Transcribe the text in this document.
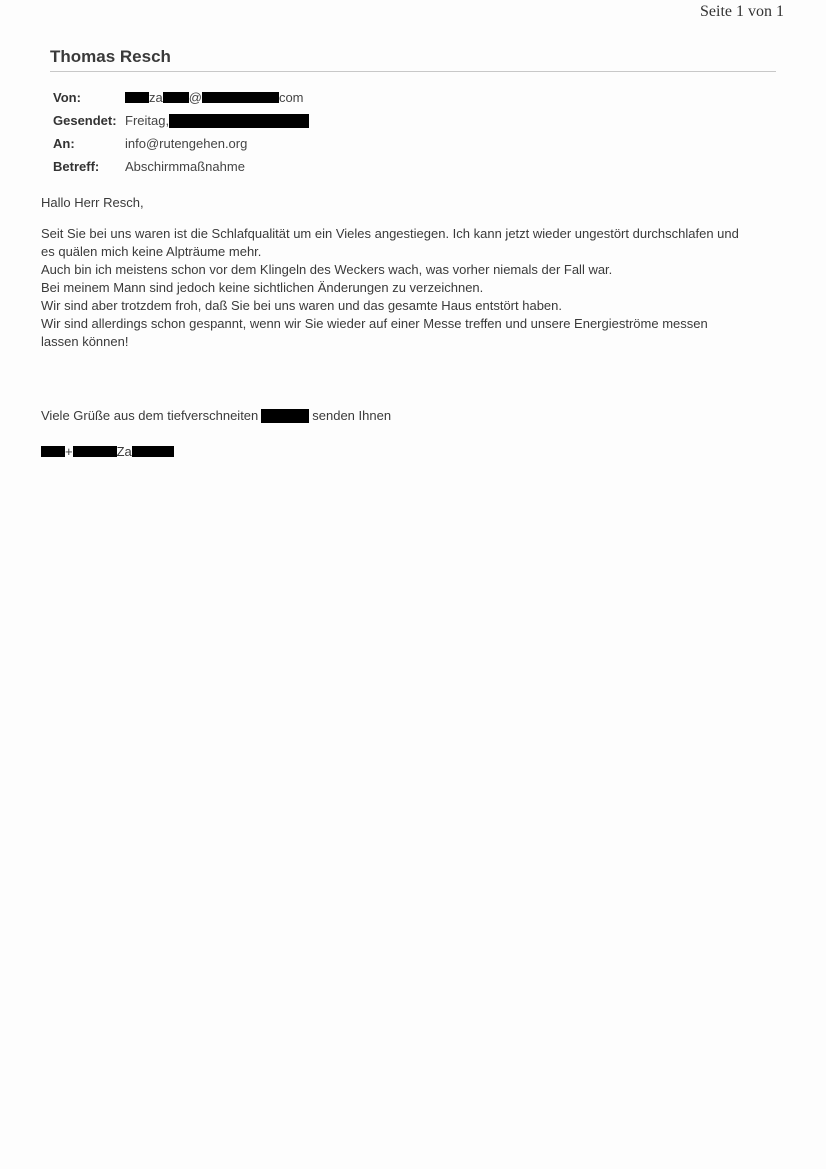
Seite 1 von 1
Thomas Resch
Von:	za @	com
Gesendet: Freitag,
An:	info@rutengehen.org
Betreff:	Abschirmmaßnahme
Hallo Herr Resch,
Seit Sie bei uns waren ist die Schlafqualität um ein Vieles angestiegen. Ich kann jetzt wieder ungestört durchschlafen und
es quälen mich keine Alpträume mehr.
Auch bin ich meistens schon vor dem Klingeln des Weckers wach, was vorher niemals der Fall war.
Bei meinem Mann sind jedoch keine sichtlichen Änderungen zu verzeichnen.
Wir sind aber trotzdem froh, daß Sie bei uns waren und das gesamte Haus entstört haben.
Wir sind allerdings schon gespannt, wenn wir Sie wieder auf einer Messe treffen und unsere Energieströme messen
lassen können!
Viele Grüße aus dem tiefverschneiten	senden Ihnen
+	Za
